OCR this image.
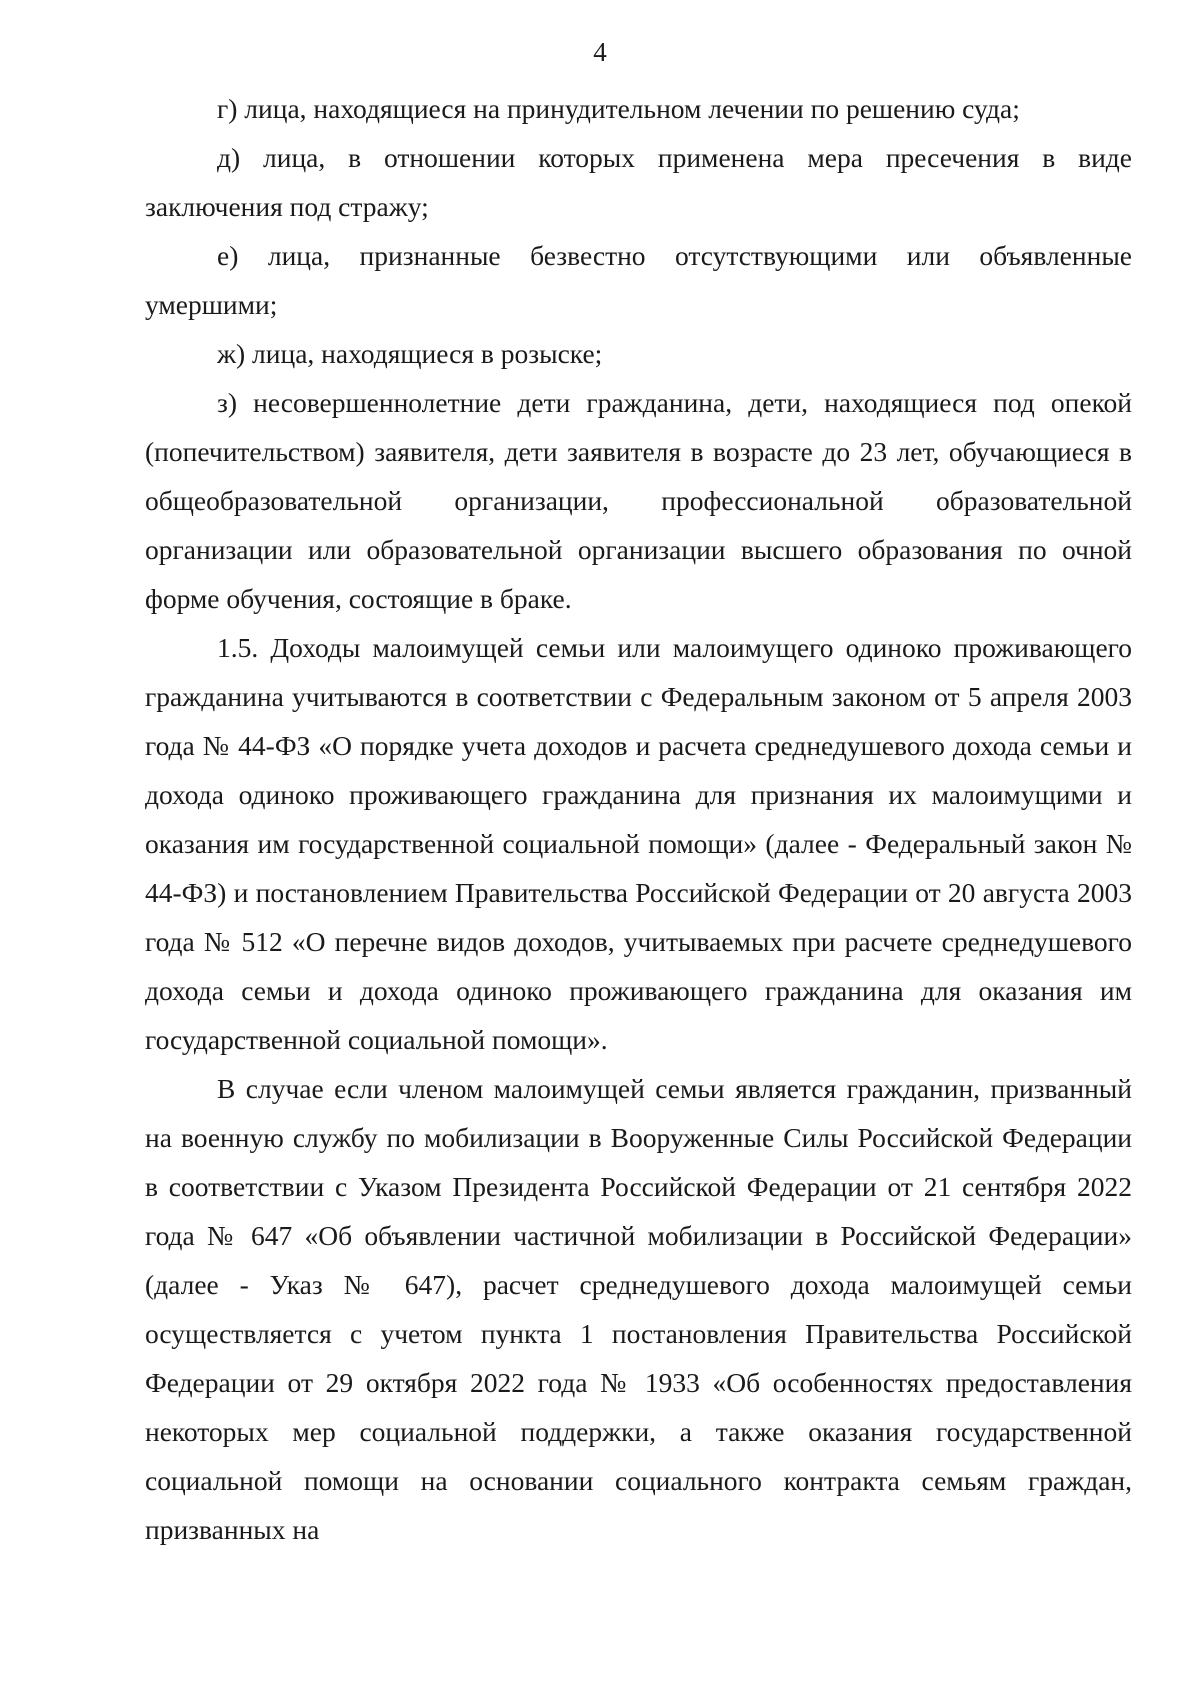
4

г) лица, находящиеся на принудительном лечении по решению суда;

д) лица, в отношении которых применена мера пресечения в виде заключения под стражу;

е) лица, признанные безвестно отсутствующими или объявленные умершими;

ж) лица, находящиеся в розыске;

з) несовершеннолетние дети гражданина, дети, находящиеся под опекой (попечительством) заявителя, дети заявителя в возрасте до 23 лет, обучающиеся в общеобразовательной организации, профессиональной образовательной организации или образовательной организации высшего образования по очной форме обучения, состоящие в браке.

1.5. Доходы малоимущей семьи или малоимущего одиноко проживающего гражданина учитываются в соответствии с Федеральным законом от 5 апреля 2003 года № 44-ФЗ «О порядке учета доходов и расчета среднедушевого дохода семьи и дохода одиноко проживающего гражданина для признания их малоимущими и оказания им государственной социальной помощи» (далее - Федеральный закон № 44-ФЗ) и постановлением Правительства Российской Федерации от 20 августа 2003 года № 512 «О перечне видов доходов, учитываемых при расчете среднедушевого дохода семьи и дохода одиноко проживающего гражданина для оказания им государственной социальной помощи».

В случае если членом малоимущей семьи является гражданин, призванный на военную службу по мобилизации в Вооруженные Силы Российской Федерации в соответствии с Указом Президента Российской Федерации от 21 сентября 2022 года № 647 «Об объявлении частичной мобилизации в Российской Федерации» (далее - Указ № 647), расчет среднедушевого дохода малоимущей семьи осуществляется с учетом пункта 1 постановления Правительства Российской Федерации от 29 октября 2022 года № 1933 «Об особенностях предоставления некоторых мер социальной поддержки, а также оказания государственной социальной помощи на основании социального контракта семьям граждан, призванных на
